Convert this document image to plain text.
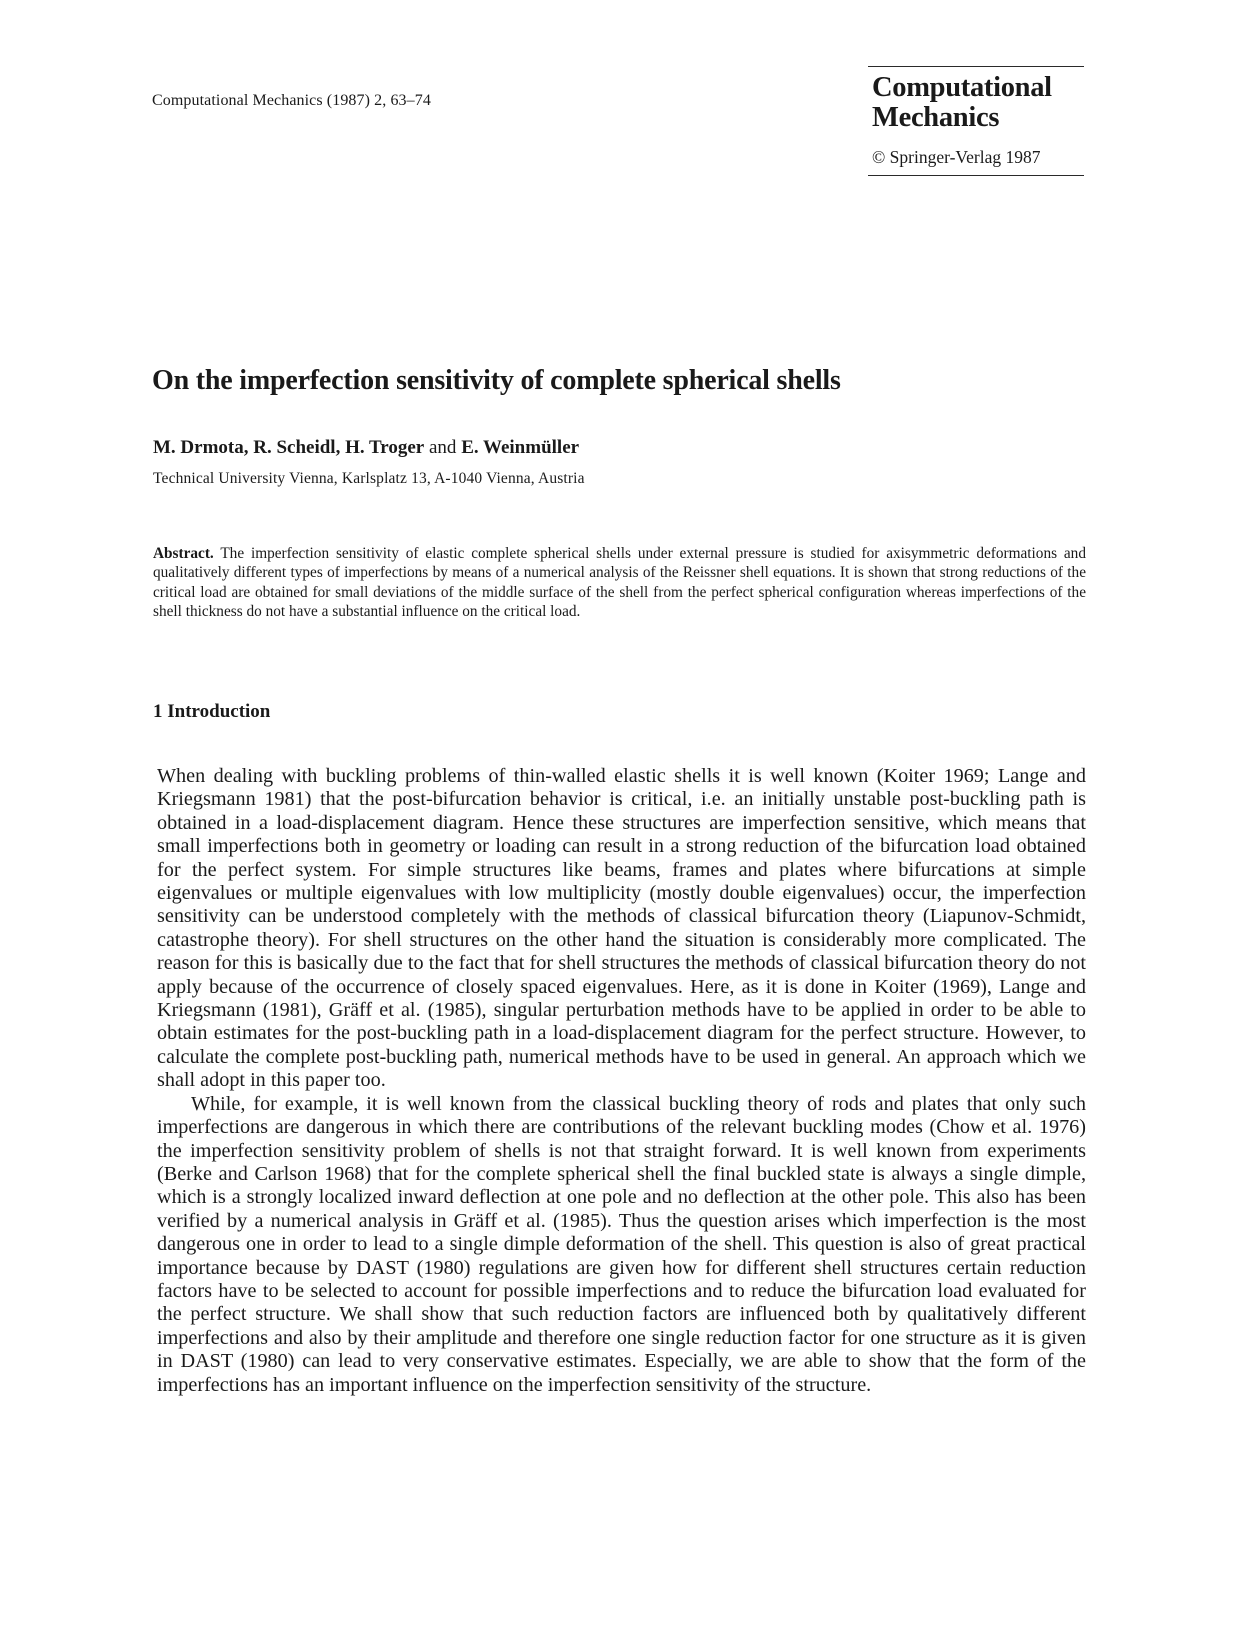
Computational Mechanics (1987) 2, 63–74	Computational
Mechanics
© Springer-Verlag 1987
On the imperfection sensitivity of complete spherical shells
M. Drmota, R. Scheidl, H. Troger and E. Weinmüller
Technical University Vienna, Karlsplatz 13, A-1040 Vienna, Austria

Abstract. The imperfection sensitivity of elastic complete spherical shells under external pressure is studied for axisymmetric deformations and qualitatively different types of imperfections by means of a numerical analysis of the Reissner shell equations. It is shown that strong reductions of the critical load are obtained for small deviations of the middle surface of the shell from the perfect spherical configuration whereas imperfections of the shell thickness do not have a substantial influence on the critical load.

1 Introduction

When dealing with buckling problems of thin-walled elastic shells it is well known (Koiter 1969; Lange and Kriegsmann 1981) that the post-bifurcation behavior is critical, i.e. an initially unstable post-buckling path is obtained in a load-displacement diagram. Hence these structures are imperfection sensitive, which means that small imperfections both in geometry or loading can result in a strong reduction of the bifurcation load obtained for the perfect system. For simple structures like beams, frames and plates where bifurcations at simple eigenvalues or multiple eigenvalues with low multiplicity (mostly double eigenvalues) occur, the imperfection sensitivity can be understood completely with the methods of classical bifurcation theory (Liapunov-Schmidt, catastrophe theory). For shell structures on the other hand the situation is considerably more complicated. The reason for this is basically due to the fact that for shell structures the methods of classical bifurcation theory do not apply because of the occurrence of closely spaced eigenvalues. Here, as it is done in Koiter (1969), Lange and Kriegsmann (1981), Gräff et al. (1985), singular perturbation methods have to be applied in order to be able to obtain estimates for the post-buckling path in a load-displacement diagram for the perfect structure. However, to calculate the complete post-buckling path, numerical methods have to be used in general. An approach which we shall adopt in this paper too.

While, for example, it is well known from the classical buckling theory of rods and plates that only such imperfections are dangerous in which there are contributions of the relevant buckling modes (Chow et al. 1976) the imperfection sensitivity problem of shells is not that straight forward. It is well known from experiments (Berke and Carlson 1968) that for the complete spherical shell the final buckled state is always a single dimple, which is a strongly localized inward deflection at one pole and no deflection at the other pole. This also has been verified by a numerical analysis in Gräff et al. (1985). Thus the question arises which imperfection is the most dangerous one in order to lead to a single dimple deformation of the shell. This question is also of great practical importance because by DAST (1980) regulations are given how for different shell structures certain reduction factors have to be selected to account for possible imperfections and to reduce the bifurcation load evaluated for the perfect structure. We shall show that such reduction factors are influenced both by qualitatively different imperfections and also by their amplitude and therefore one single reduction factor for one structure as it is given in DAST (1980) can lead to very conservative estimates. Especially, we are able to show that the form of the imperfections has an important influence on the imperfection sensitivity of the structure.
